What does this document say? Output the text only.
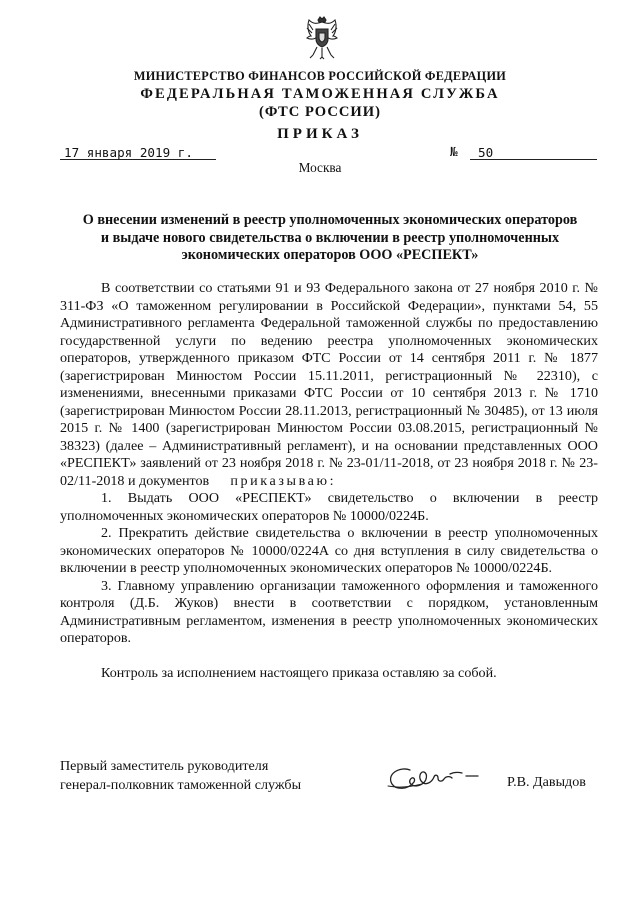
МИНИСТЕРСТВО ФИНАНСОВ РОССИЙСКОЙ ФЕДЕРАЦИИ
ФЕДЕРАЛЬНАЯ ТАМОЖЕННАЯ СЛУЖБА
(ФТС РОССИИ)
ПРИКАЗ
17 января 2019 г.	№ 50
Москва
О внесении изменений в реестр уполномоченных экономических операторов
и выдаче нового свидетельства о включении в реестр уполномоченных
экономических операторов ООО «РЕСПЕКТ»

В соответствии со статьями 91 и 93 Федерального закона от 27 ноября 2010 г. № 311-ФЗ «О таможенном регулировании в Российской Федерации», пунктами 54, 55 Административного регламента Федеральной таможенной службы по предоставлению государственной услуги по ведению реестра уполномоченных экономических операторов, утвержденного приказом ФТС России от 14 сентября 2011 г. № 1877 (зарегистрирован Минюстом России 15.11.2011, регистрационный № 22310), с изменениями, внесенными приказами ФТС России от 10 сентября 2013 г. № 1710 (зарегистрирован Минюстом России 28.11.2013, регистрационный № 30485), от 13 июля 2015 г. № 1400 (зарегистрирован Минюстом России 03.08.2015, регистрационный № 38323) (далее – Административный регламент), и на основании представленных ООО «РЕСПЕКТ» заявлений от 23 ноября 2018 г. № 23-01/11-2018, от 23 ноября 2018 г. № 23-02/11-2018 и документов приказываю:

1. Выдать ООО «РЕСПЕКТ» свидетельство о включении в реестр уполномоченных экономических операторов № 10000/0224Б.

2. Прекратить действие свидетельства о включении в реестр уполномоченных экономических операторов № 10000/0224А со дня вступления в силу свидетельства о включении в реестр уполномоченных экономических операторов № 10000/0224Б.

3. Главному управлению организации таможенного оформления и таможенного контроля (Д.Б. Жуков) внести в соответствии с порядком, установленным Административным регламентом, изменения в реестр уполномоченных экономических операторов.

Контроль за исполнением настоящего приказа оставляю за собой.

Первый заместитель руководителя
генерал-полковник таможенной службы	Р.В. Давыдов
